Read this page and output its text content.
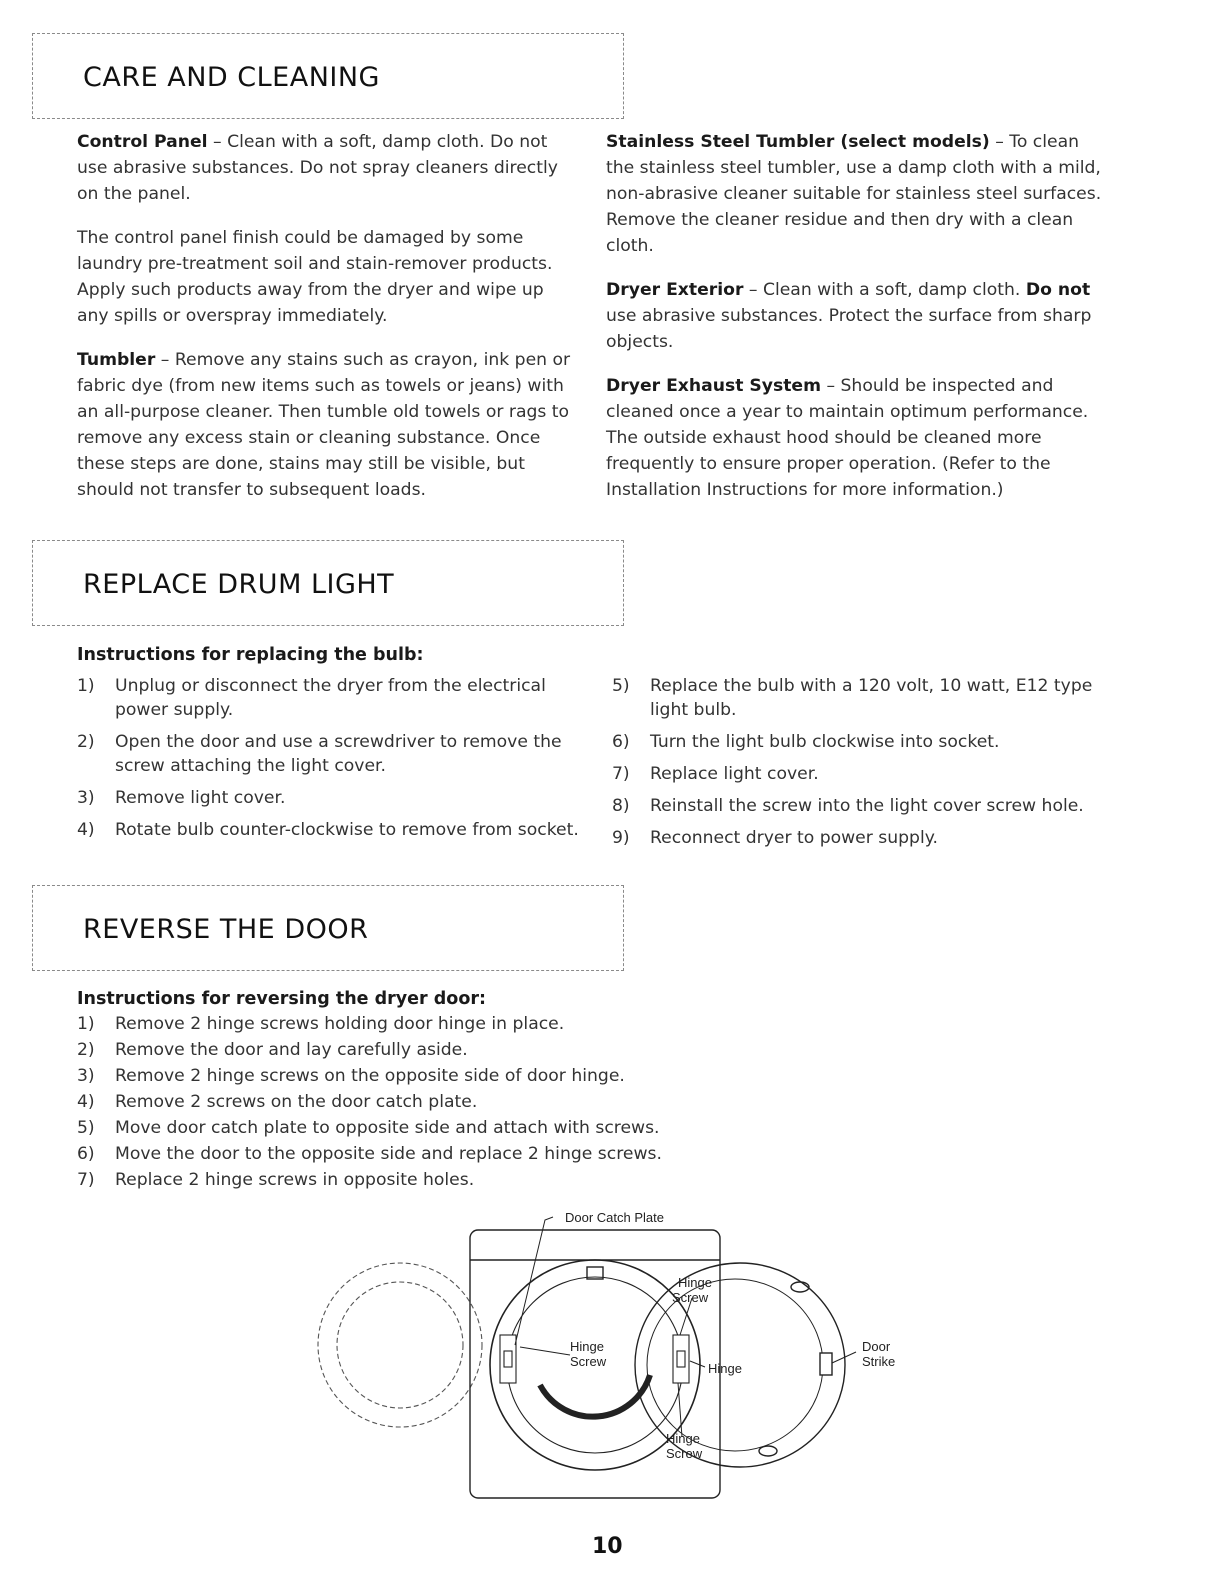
CARE AND CLEANING

Control Panel – Clean with a soft, damp cloth. Do not use abrasive substances. Do not spray cleaners directly on the panel.

The control panel finish could be damaged by some laundry pre-treatment soil and stain-remover products. Apply such products away from the dryer and wipe up any spills or overspray immediately.

Tumbler – Remove any stains such as crayon, ink pen or fabric dye (from new items such as towels or jeans) with an all-purpose cleaner. Then tumble old towels or rags to remove any excess stain or cleaning substance. Once these steps are done, stains may still be visible, but should not transfer to subsequent loads.

Stainless Steel Tumbler (select models) – To clean the stainless steel tumbler, use a damp cloth with a mild, non-abrasive cleaner suitable for stainless steel surfaces. Remove the cleaner residue and then dry with a clean cloth.

Dryer Exterior – Clean with a soft, damp cloth. Do not use abrasive substances. Protect the surface from sharp objects.

Dryer Exhaust System – Should be inspected and cleaned once a year to maintain optimum performance. The outside exhaust hood should be cleaned more frequently to ensure proper operation. (Refer to the Installation Instructions for more information.)

REPLACE DRUM LIGHT
Instructions for replacing the bulb:
1) Unplug or disconnect the dryer from the electrical power supply.
2) Open the door and use a screwdriver to remove the screw attaching the light cover.
3) Remove light cover.
4) Rotate bulb counter-clockwise to remove from socket.
5) Replace the bulb with a 120 volt, 10 watt, E12 type light bulb.
6) Turn the light bulb clockwise into socket.
7) Replace light cover.
8) Reinstall the screw into the light cover screw hole.
9) Reconnect dryer to power supply.
REVERSE THE DOOR
Instructions for reversing the dryer door:
1) Remove 2 hinge screws holding door hinge in place.
2) Remove the door and lay carefully aside.
3) Remove 2 hinge screws on the opposite side of door hinge.
4) Remove 2 screws on the door catch plate.
5) Move door catch plate to opposite side and attach with screws.
6) Move the door to the opposite side and replace 2 hinge screws.
7) Replace 2 hinge screws in opposite holes.
Door Catch Plate
Hinge
Screw
Hinge
Screw	Hinge
Hinge
Screw
Door
Strike
10
